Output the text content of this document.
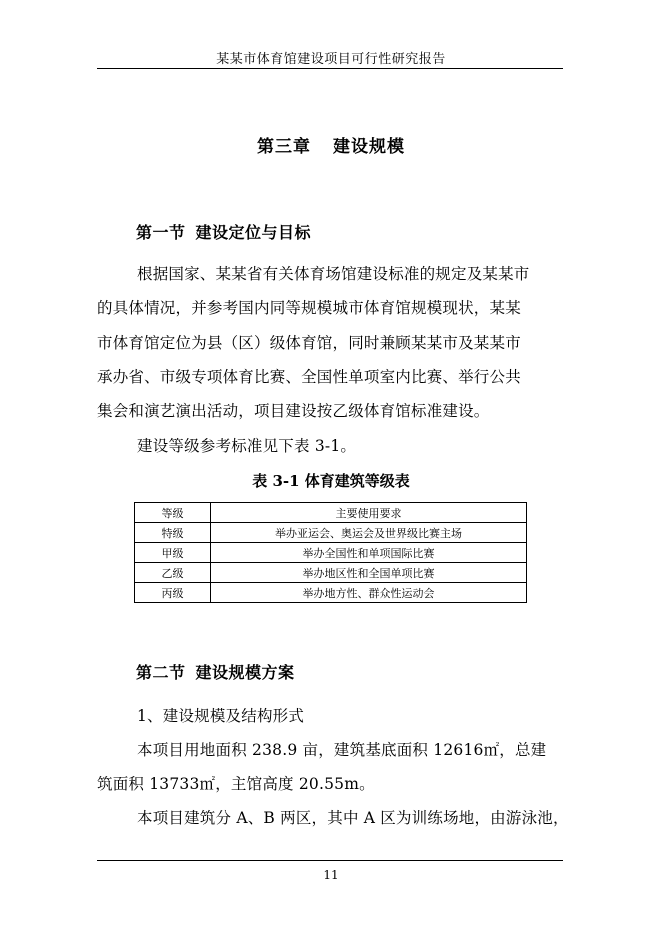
某某市体育馆建设项目可行性研究报告
第三章 建设规模
第一节 建设定位与目标
根据国家、某某省有关体育场馆建设标准的规定及某某市
的具体情况，并参考国内同等规模城市体育馆规模现状，某某
市体育馆定位为县（区）级体育馆，同时兼顾某某市及某某市
承办省、市级专项体育比赛、全国性单项室内比赛、举行公共
集会和演艺演出活动，项目建设按乙级体育馆标准建设。
建设等级参考标准见下表 3-1。
表 3-1 体育建筑等级表
等级	主要使用要求
特级	举办亚运会、奥运会及世界级比赛主场
甲级	举办全国性和单项国际比赛
乙级	举办地区性和全国单项比赛
丙级	举办地方性、群众性运动会
第二节 建设规模方案
1、建设规模及结构形式
本项目用地面积 238.9 亩，建筑基底面积 12616㎡，总建
筑面积 13733㎡，主馆高度 20.55m。
本项目建筑分 A、B 两区，其中 A 区为训练场地，由游泳池，
11
